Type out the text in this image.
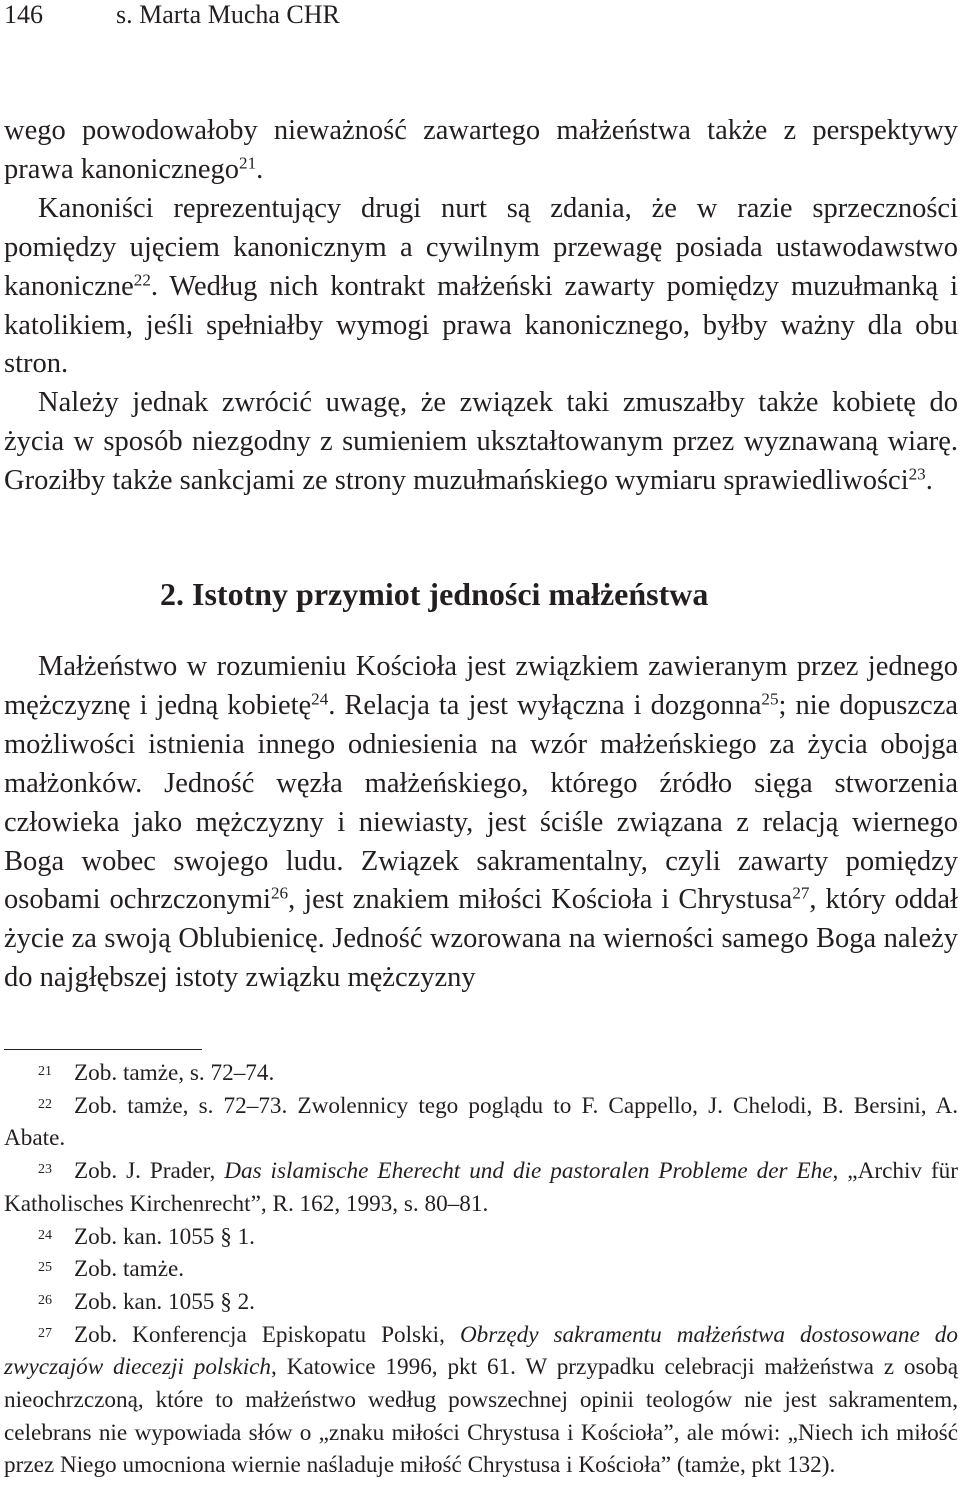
146	s. Marta Mucha CHR

wego powodowałoby nieważność zawartego małżeństwa także z perspektywy prawa kanonicznego$^{21}$.

Kanoniści reprezentujący drugi nurt są zdania, że w razie sprzeczności pomiędzy ujęciem kanonicznym a cywilnym przewagę posiada ustawodawstwo kanoniczne$^{22}$. Według nich kontrakt małżeński zawarty pomiędzy muzułmanką i katolikiem, jeśli spełniałby wymogi prawa kanonicznego, byłby ważny dla obu stron.

Należy jednak zwrócić uwagę, że związek taki zmuszałby także kobietę do życia w sposób niezgodny z sumieniem ukształtowanym przez wyznawaną wiarę. Groziłby także sankcjami ze strony muzułmańskiego wymiaru sprawiedliwości$^{23}$.

2. Istotny przymiot jedności małżeństwa

Małżeństwo w rozumieniu Kościoła jest związkiem zawieranym przez jednego mężczyznę i jedną kobietę$^{24}$. Relacja ta jest wyłączna i dozgonna$^{25}$; nie dopuszcza możliwości istnienia innego odniesienia na wzór małżeńskiego za życia obojga małżonków. Jedność węzła małżeńskiego, którego źródło sięga stworzenia człowieka jako mężczyzny i niewiasty, jest ściśle związana z relacją wiernego Boga wobec swojego ludu. Związek sakramentalny, czyli zawarty pomiędzy osobami ochrzczonymi$^{26}$, jest znakiem miłości Kościoła i Chrystusa$^{27}$, który oddał życie za swoją Oblubienicę. Jedność wzorowana na wierności samego Boga należy do najgłębszej istoty związku mężczyzny

21 Zob. tamże, s. 72–74.

22 Zob. tamże, s. 72–73. Zwolennicy tego poglądu to F. Cappello, J. Chelodi, B. Bersini, A. Abate.

23 Zob. J. Prader, Das islamische Eherecht und die pastoralen Probleme der Ehe, „Archiv für Katholisches Kirchenrecht”, R. 162, 1993, s. 80–81.

24 Zob. kan. 1055 § 1.

25 Zob. tamże.

26 Zob. kan. 1055 § 2.

27 Zob. Konferencja Episkopatu Polski, Obrzędy sakramentu małżeństwa dostosowane do zwyczajów diecezji polskich, Katowice 1996, pkt 61. W przypadku celebracji małżeństwa z osobą nieochrzczoną, które to małżeństwo według powszechnej opinii teologów nie jest sakramentem, celebrans nie wypowiada słów o „znaku miłości Chrystusa i Kościoła”, ale mówi: „Niech ich miłość przez Niego umocniona wiernie naśladuje miłość Chrystusa i Kościoła” (tamże, pkt 132).
